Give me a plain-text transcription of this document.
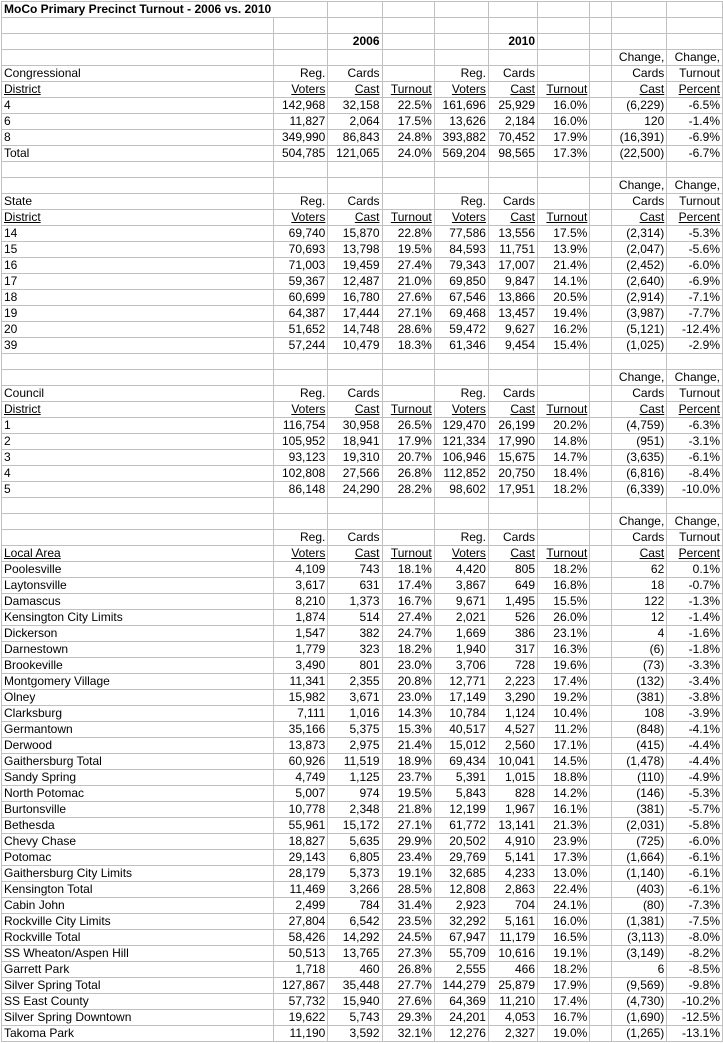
MoCo Primary Precinct Turnout - 2006 vs. 2010									

		2006			2010				
								Change,	Change,
Congressional	Reg.	Cards		Reg.	Cards			Cards	Turnout
District	Voters	Cast	Turnout	Voters	Cast	Turnout		Cast	Percent
4	142,968	32,158	22.5%	161,696	25,929	16.0%		(6,229)	-6.5%
6	11,827	2,064	17.5%	13,626	2,184	16.0%		120	-1.4%
8	349,990	86,843	24.8%	393,882	70,452	17.9%		(16,391)	-6.9%
Total	504,785	121,065	24.0%	569,204	98,565	17.3%		(22,500)	-6.7%

								Change,	Change,
State	Reg.	Cards		Reg.	Cards			Cards	Turnout
District	Voters	Cast	Turnout	Voters	Cast	Turnout		Cast	Percent
14	69,740	15,870	22.8%	77,586	13,556	17.5%		(2,314)	-5.3%
15	70,693	13,798	19.5%	84,593	11,751	13.9%		(2,047)	-5.6%
16	71,003	19,459	27.4%	79,343	17,007	21.4%		(2,452)	-6.0%
17	59,367	12,487	21.0%	69,850	9,847	14.1%		(2,640)	-6.9%
18	60,699	16,780	27.6%	67,546	13,866	20.5%		(2,914)	-7.1%
19	64,387	17,444	27.1%	69,468	13,457	19.4%		(3,987)	-7.7%
20	51,652	14,748	28.6%	59,472	9,627	16.2%		(5,121)	-12.4%
39	57,244	10,479	18.3%	61,346	9,454	15.4%		(1,025)	-2.9%

								Change,	Change,
Council	Reg.	Cards		Reg.	Cards			Cards	Turnout
District	Voters	Cast	Turnout	Voters	Cast	Turnout		Cast	Percent
1	116,754	30,958	26.5%	129,470	26,199	20.2%		(4,759)	-6.3%
2	105,952	18,941	17.9%	121,334	17,990	14.8%		(951)	-3.1%
3	93,123	19,310	20.7%	106,946	15,675	14.7%		(3,635)	-6.1%
4	102,808	27,566	26.8%	112,852	20,750	18.4%		(6,816)	-8.4%
5	86,148	24,290	28.2%	98,602	17,951	18.2%		(6,339)	-10.0%

								Change,	Change,
	Reg.	Cards		Reg.	Cards			Cards	Turnout
Local Area	Voters	Cast	Turnout	Voters	Cast	Turnout		Cast	Percent
Poolesville	4,109	743	18.1%	4,420	805	18.2%		62	0.1%
Laytonsville	3,617	631	17.4%	3,867	649	16.8%		18	-0.7%
Damascus	8,210	1,373	16.7%	9,671	1,495	15.5%		122	-1.3%
Kensington City Limits	1,874	514	27.4%	2,021	526	26.0%		12	-1.4%
Dickerson	1,547	382	24.7%	1,669	386	23.1%		4	-1.6%
Darnestown	1,779	323	18.2%	1,940	317	16.3%		(6)	-1.8%
Brookeville	3,490	801	23.0%	3,706	728	19.6%		(73)	-3.3%
Montgomery Village	11,341	2,355	20.8%	12,771	2,223	17.4%		(132)	-3.4%
Olney	15,982	3,671	23.0%	17,149	3,290	19.2%		(381)	-3.8%
Clarksburg	7,111	1,016	14.3%	10,784	1,124	10.4%		108	-3.9%
Germantown	35,166	5,375	15.3%	40,517	4,527	11.2%		(848)	-4.1%
Derwood	13,873	2,975	21.4%	15,012	2,560	17.1%		(415)	-4.4%
Gaithersburg Total	60,926	11,519	18.9%	69,434	10,041	14.5%		(1,478)	-4.4%
Sandy Spring	4,749	1,125	23.7%	5,391	1,015	18.8%		(110)	-4.9%
North Potomac	5,007	974	19.5%	5,843	828	14.2%		(146)	-5.3%
Burtonsville	10,778	2,348	21.8%	12,199	1,967	16.1%		(381)	-5.7%
Bethesda	55,961	15,172	27.1%	61,772	13,141	21.3%		(2,031)	-5.8%
Chevy Chase	18,827	5,635	29.9%	20,502	4,910	23.9%		(725)	-6.0%
Potomac	29,143	6,805	23.4%	29,769	5,141	17.3%		(1,664)	-6.1%
Gaithersburg City Limits	28,179	5,373	19.1%	32,685	4,233	13.0%		(1,140)	-6.1%
Kensington Total	11,469	3,266	28.5%	12,808	2,863	22.4%		(403)	-6.1%
Cabin John	2,499	784	31.4%	2,923	704	24.1%		(80)	-7.3%
Rockville City Limits	27,804	6,542	23.5%	32,292	5,161	16.0%		(1,381)	-7.5%
Rockville Total	58,426	14,292	24.5%	67,947	11,179	16.5%		(3,113)	-8.0%
SS Wheaton/Aspen Hill	50,513	13,765	27.3%	55,709	10,616	19.1%		(3,149)	-8.2%
Garrett Park	1,718	460	26.8%	2,555	466	18.2%		6	-8.5%
Silver Spring Total	127,867	35,448	27.7%	144,279	25,879	17.9%		(9,569)	-9.8%
SS East County	57,732	15,940	27.6%	64,369	11,210	17.4%		(4,730)	-10.2%
Silver Spring Downtown	19,622	5,743	29.3%	24,201	4,053	16.7%		(1,690)	-12.5%
Takoma Park	11,190	3,592	32.1%	12,276	2,327	19.0%		(1,265)	-13.1%
